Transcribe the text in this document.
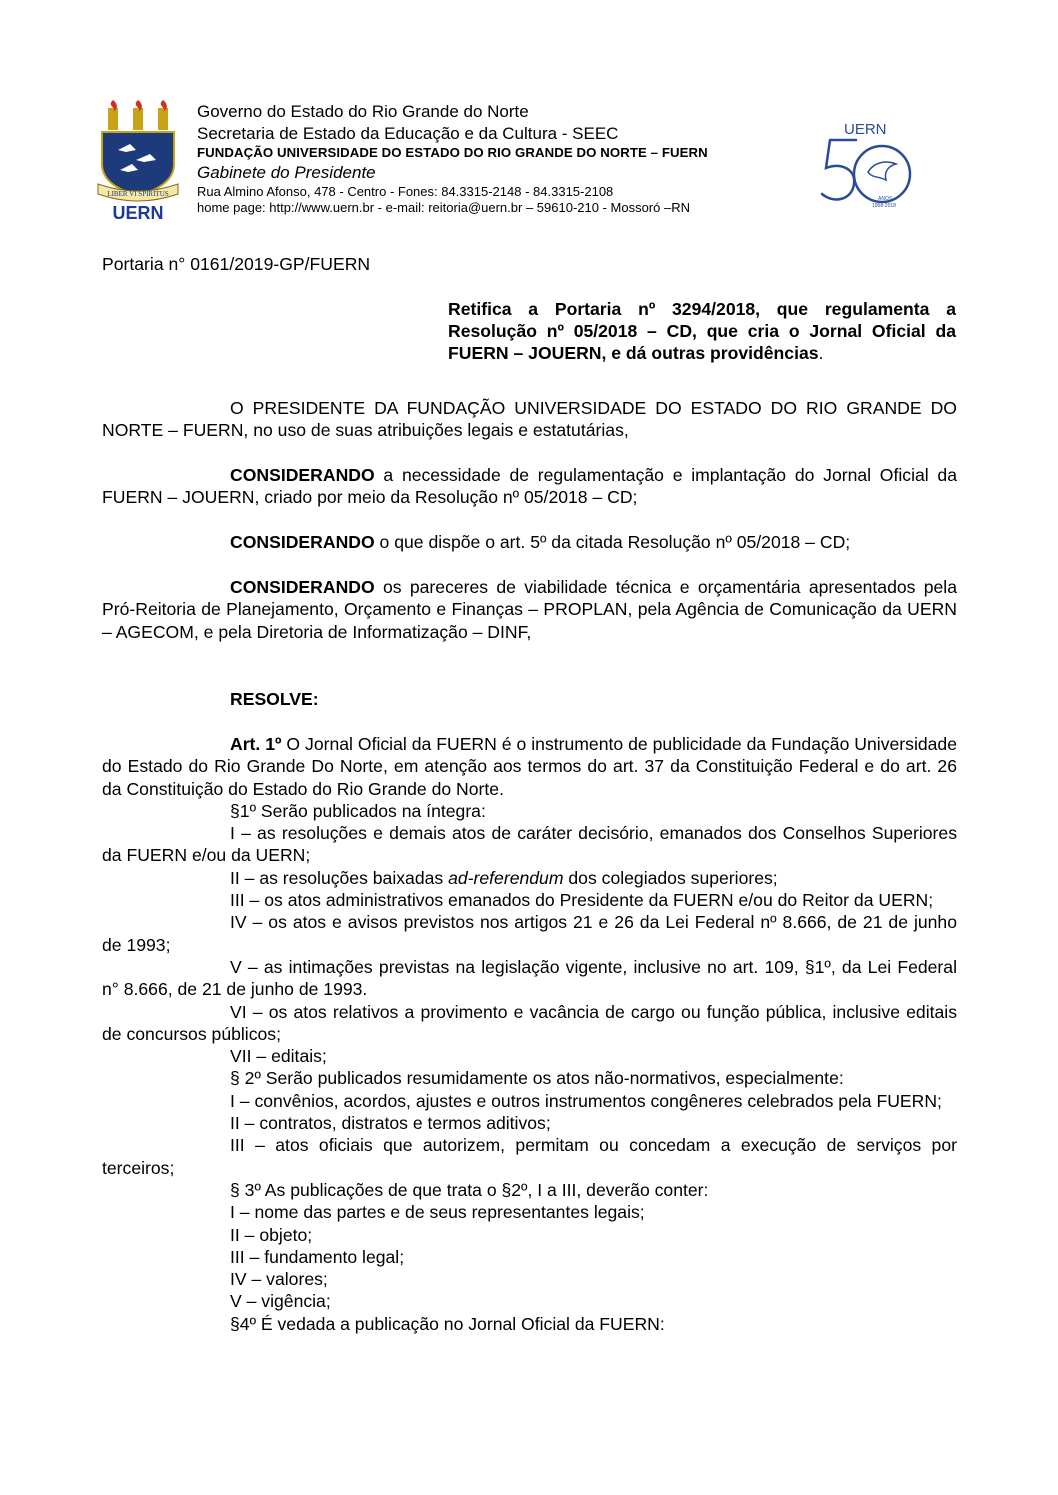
LIBER VI SPIRITUS
UERN
Governo do Estado do Rio Grande do Norte
Secretaria de Estado da Educação e da Cultura - SEEC
FUNDAÇÃO UNIVERSIDADE DO ESTADO DO RIO GRANDE DO NORTE – FUERN
Gabinete do Presidente
Rua Almino Afonso, 478 - Centro - Fones: 84.3315-2148 - 84.3315-2108
home page: http://www.uern.br - e-mail: reitoria@uern.br – 59610-210 - Mossoró –RN
UERN
ANOS
1968-2018
Portaria n° 0161/2019-GP/FUERN
Retifica a Portaria nº 3294/2018, que regulamenta a Resolução nº 05/2018 – CD, que cria o Jornal Oficial da FUERN – JOUERN, e dá outras providências.

O PRESIDENTE DA FUNDAÇÃO UNIVERSIDADE DO ESTADO DO RIO GRANDE DO NORTE – FUERN, no uso de suas atribuições legais e estatutárias,

CONSIDERANDO a necessidade de regulamentação e implantação do Jornal Oficial da FUERN – JOUERN, criado por meio da Resolução nº 05/2018 – CD;

CONSIDERANDO o que dispõe o art. 5º da citada Resolução nº 05/2018 – CD;

CONSIDERANDO os pareceres de viabilidade técnica e orçamentária apresentados pela Pró-Reitoria de Planejamento, Orçamento e Finanças – PROPLAN, pela Agência de Comunicação da UERN – AGECOM, e pela Diretoria de Informatização – DINF,

RESOLVE:

Art. 1º O Jornal Oficial da FUERN é o instrumento de publicidade da Fundação Universidade do Estado do Rio Grande Do Norte, em atenção aos termos do art. 37 da Constituição Federal e do art. 26 da Constituição do Estado do Rio Grande do Norte.

§1º Serão publicados na íntegra:

I – as resoluções e demais atos de caráter decisório, emanados dos Conselhos Superiores da FUERN e/ou da UERN;

II – as resoluções baixadas ad-referendum dos colegiados superiores;

III – os atos administrativos emanados do Presidente da FUERN e/ou do Reitor da UERN;

IV – os atos e avisos previstos nos artigos 21 e 26 da Lei Federal nº 8.666, de 21 de junho de 1993;

V – as intimações previstas na legislação vigente, inclusive no art. 109, §1º, da Lei Federal n° 8.666, de 21 de junho de 1993.

VI – os atos relativos a provimento e vacância de cargo ou função pública, inclusive editais de concursos públicos;

VII – editais;

§ 2º Serão publicados resumidamente os atos não-normativos, especialmente:

I – convênios, acordos, ajustes e outros instrumentos congêneres celebrados pela FUERN;

II – contratos, distratos e termos aditivos;

III – atos oficiais que autorizem, permitam ou concedam a execução de serviços por terceiros;

§ 3º As publicações de que trata o §2º, I a III, deverão conter:

I – nome das partes e de seus representantes legais;

II – objeto;

III – fundamento legal;

IV – valores;

V – vigência;

§4º É vedada a publicação no Jornal Oficial da FUERN:
